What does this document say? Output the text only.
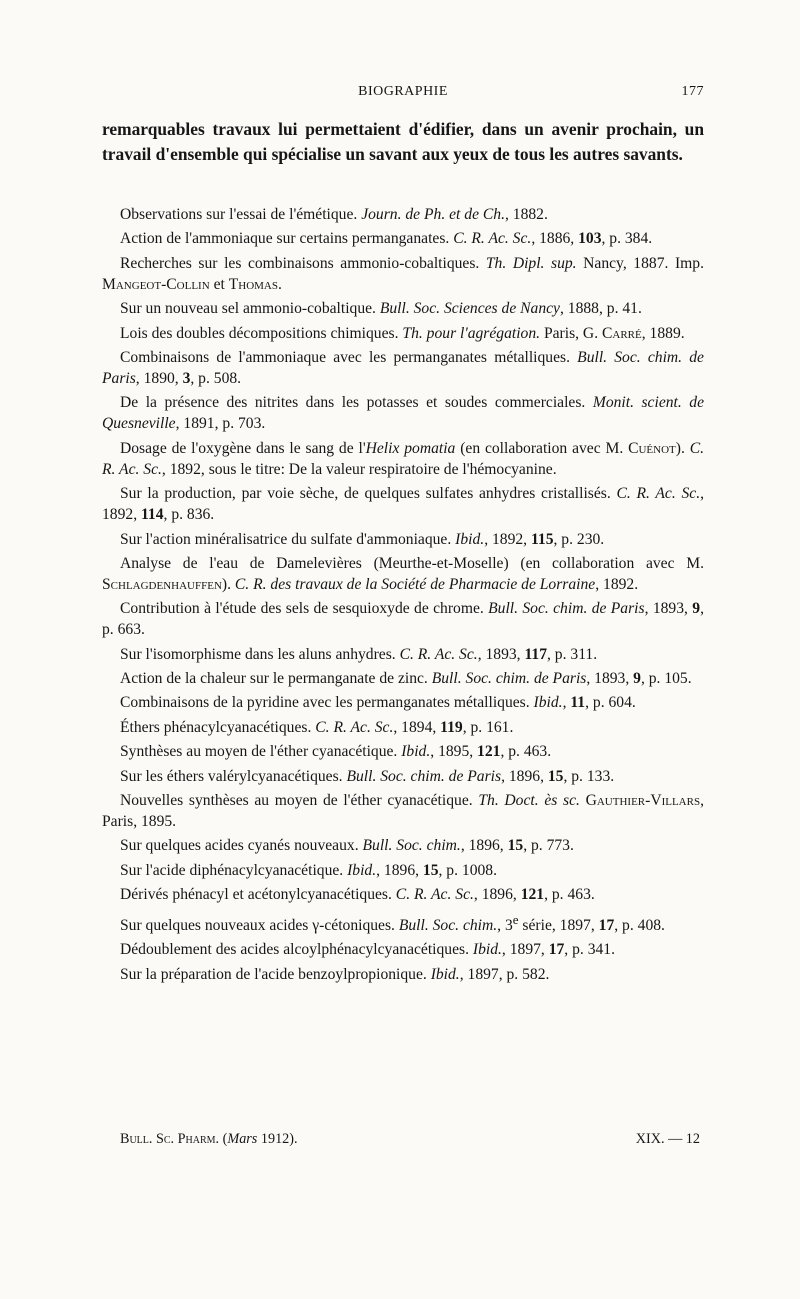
BIOGRAPHIE	177

remarquables travaux lui permettaient d'édifier, dans un avenir prochain, un travail d'ensemble qui spécialise un savant aux yeux de tous les autres savants.

Observations sur l'essai de l'émétique. Journ. de Ph. et de Ch., 1882.
Action de l'ammoniaque sur certains permanganates. C. R. Ac. Sc., 1886, 103, p. 384.
Recherches sur les combinaisons ammonio-cobaltiques. Th. Dipl. sup. Nancy, 1887. Imp. Mangeot-Collin et Thomas.
Sur un nouveau sel ammonio-cobaltique. Bull. Soc. Sciences de Nancy, 1888, p. 41.
Lois des doubles décompositions chimiques. Th. pour l'agrégation. Paris, G. Carré, 1889.
Combinaisons de l'ammoniaque avec les permanganates métalliques. Bull. Soc. chim. de Paris, 1890, 3, p. 508.
De la présence des nitrites dans les potasses et soudes commerciales. Monit. scient. de Quesneville, 1891, p. 703.
Dosage de l'oxygène dans le sang de l'Helix pomatia (en collaboration avec M. Cuénot). C. R. Ac. Sc., 1892, sous le titre: De la valeur respiratoire de l'hémocyanine.
Sur la production, par voie sèche, de quelques sulfates anhydres cristallisés. C. R. Ac. Sc., 1892, 114, p. 836.
Sur l'action minéralisatrice du sulfate d'ammoniaque. Ibid., 1892, 115, p. 230.
Analyse de l'eau de Damelevières (Meurthe-et-Moselle) (en collaboration avec M. Schlagdenhauffen). C. R. des travaux de la Société de Pharmacie de Lorraine, 1892.
Contribution à l'étude des sels de sesquioxyde de chrome. Bull. Soc. chim. de Paris, 1893, 9, p. 663.
Sur l'isomorphisme dans les aluns anhydres. C. R. Ac. Sc., 1893, 117, p. 311.
Action de la chaleur sur le permanganate de zinc. Bull. Soc. chim. de Paris, 1893, 9, p. 105.
Combinaisons de la pyridine avec les permanganates métalliques. Ibid., 11, p. 604.
Éthers phénacylcyanacétiques. C. R. Ac. Sc., 1894, 119, p. 161.
Synthèses au moyen de l'éther cyanacétique. Ibid., 1895, 121, p. 463.
Sur les éthers valérylcyanacétiques. Bull. Soc. chim. de Paris, 1896, 15, p. 133.
Nouvelles synthèses au moyen de l'éther cyanacétique. Th. Doct. ès sc. Gauthier-Villars, Paris, 1895.
Sur quelques acides cyanés nouveaux. Bull. Soc. chim., 1896, 15, p. 773.
Sur l'acide diphénacylcyanacétique. Ibid., 1896, 15, p. 1008.
Dérivés phénacyl et acétonylcyanacétiques. C. R. Ac. Sc., 1896, 121, p. 463.
Sur quelques nouveaux acides γ-cétoniques. Bull. Soc. chim., 3e série, 1897, 17, p. 408.
Dédoublement des acides alcoylphénacylcyanacétiques. Ibid., 1897, 17, p. 341.
Sur la préparation de l'acide benzoylpropionique. Ibid., 1897, p. 582.
Bull. Sc. Pharm. (Mars 1912).	XIX. — 12
